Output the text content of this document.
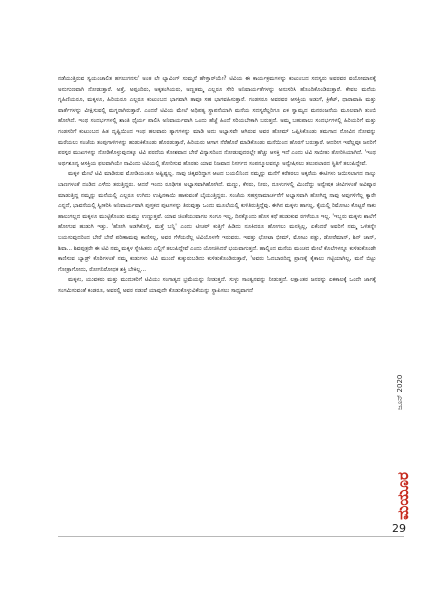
ನಡೆಯುತ್ತಿರುವ ಸ್ವಯಂಚಾಲಿತ ಹಗಲುಗನಸು' ಅಂತ ಲೇ ಲ್ಯಾವಿಂಗ್ ಸುಮ್ಮನೆ ಹೇಳ್ತಾರ್‌ಯೇ? ಟಿವಿಯ ಈ ಕಾರ್ಯಕ್ರಮಗಳನ್ನು ಕುಟುಂಬದ ಸದಸ್ಯರು ಅವರವರ ವಯೋಮಾನಕ್ಕೆ ಅನುಗುಣವಾಗಿ ನೋಡುತ್ತಾರೆ. ಅತ್ತೆ, ಅಪ್ಪಂದಿರು, ಅಕ್ಕತಂಗಿಯರು, ಅಣ್ಣತಮ್ಮ ಎಲ್ಲರೂ ಸೇರಿ ಅನಿವಾರ್ಯತೆಗಳನ್ನು ಅನುಸರಿಸಿ ಹೊಂದಿಕೊಂಡಿರುತ್ತಾರೆ. ಕೇವಲ ಮನೆಯ ಗೃಹಿಣಿಯರೂ, ಮಕ್ಕಳೂ, ಹಿರಿಯರೂ ಎಲ್ಲರೂ ಕುಟುಂಬದ ಭಾಗವಾಗಿ ತಾವೂ ಸಹ ಭಾಗವಹಿಸುತ್ತಾರೆ. ಗಂಡಸರೂ ಅವರವರ ಆಸಕ್ತಿಯ ಅಡುಗೆ, ಕ್ರಿಕೆಟ್, ಧಾರಾವಾಹಿ ಮತ್ತು ವಾರ್ತೆಗಳನ್ನು ವೀಕ್ಷಿಸುವಲ್ಲಿ ಮಗ್ನರಾಗಿರುತ್ತಾರೆ. ಎಂದರೆ ಟಿವಿಯ ಮೇಲೆ ಅಧಿಪತ್ಯ ಸ್ಥಾಪನೆಯಾಗಿ ಮನೆಯ ಸದಸ್ಯರೆಲ್ಲರಿಗೂ ಏಕ ಸ್ವಾಮ್ಯದ ಮನರಂಜನೆಯ ಮೂಲವಾಗಿ ತುಂಬಿ ಹೋಗಿದೆ. ಇಂಥ ಸಂದರ್ಭಗಳಲ್ಲಿ ಶಾಂತಿ ಧೈರ್ಯ ಪಾಲಿಸಿ ಅನಿವಾರ್ಯವಾಗಿ ಒಂದು ಹೆಜ್ಜೆ ಹಿಂದೆ ಸರಿಯಬೇಕಾಗಿ ಬರುತ್ತದೆ. ಅಮ್ಮ ಬಹುಪಾಲು ಸಂದರ್ಭಗಳಲ್ಲಿ ಹಿರಿಯರಿಗೆ ಮತ್ತು ಗಂಡಸರಿಗೆ ಕುಟುಂಬದ ಹಿತ ದೃಷ್ಟಿಯಿಂದ ಇಂಥ ಹಲವಾರು ತ್ಯಾಗಗಳನ್ನು ಮಾಡಿ ಅದು ಅಭ್ಯಾಸವೇ ಆಗಿರುವ ಅವರ ಹೋಮ್ ಒಪ್ಪಿಸಿಕೊಂಡು ತಮಗಾದ ನೋವಿನ ನೋವನ್ನು ಮರೆಯಲು ಸಂಜೆಯ ತಂಪುಗಾಳಿಗಳನ್ನು ಹುಡುಕಿಕೊಂಡು ಹೊರಡುತ್ತಾರೆ, ಹಿರಿಯರು ಆಗಾಗ ನೆರೆಹೊರೆ ಮಾಡಿಕೊಂಡು ಮನೆಯಿಂದ ಹೊರಗೆ ಬರುತ್ತಾರೆ. ಆದರೀಗ ಇವೆಲ್ಲವೂ ಜನರಿಗೆ ಪರಸ್ಪರ ಮುಖಗಳನ್ನು ನೋಡಿಕೊಳ್ಳುವುದಕ್ಕೂ ಟಿವಿ ಪರದೆಯ ಕೋಶವಾದ ಬೇರೆ ವಿನ್ಯಾಸದಿಂದ ನೋಡುವುದರಲ್ಲೇ ಹೆಚ್ಚು ಆಸಕ್ತಿ ಇದೆ ಎಂದು ಟಿವಿ ಸಾಬೀತು ತೋರಿಸಿಯಾಗಿದೆ. 'ಇಂಥ ಅರ್ಥಶೂನ್ಯ ಆಸಕ್ತಿಯ ಫಲವಾಗಿಯೇ ನಾವಿಂದು ಟಿವಿಯಲ್ಲಿ ತೋರಿಸುವ ಹೊರತು ಯಾವ ನಿಜವಾದ ನಿಸರ್ಗದ ಸಂಪನ್ಮೂಲವನ್ನೂ ಅನ್ವೇಷಿಸಲು ತಲುಪಲಾರದ ಸ್ಥಿತಿಗೆ ತಲುಪಿದ್ದೇವೆ.

ಮಕ್ಕಳ ಮೇಲೆ ಟಿವಿ ಮಾಡಿರುವ ಮೋಡಿಯಂತೂ ಅಷ್ಟಿಷ್ಟಲ್ಲ. ನಾವು ಚಿಕ್ಕವರಿದ್ದಾಗ ಆಟದ ಬಯಲಿನಿಂದ ನಮ್ಮನ್ನು ಮನೆಗೆ ಕರೆತರಲು ಅಕ್ಕರೆಯ ಈಟಿಗಳು ಜಯಿಸಲಾಗದ ನಾಲ್ಕು ಬಾಣಗಳಂತೆ ದಂಡಿದ ಎಳೆದು ತರುತ್ತಿದ್ದರು. ಆದರೆ ಇಂದು ರೂಢಿಗತ ಅಭ್ಯಾಸವಾಗಿಹೋಗಿದೆ. ಮಣ್ಣು, ಕೆಸರು, ನೀರು, ದೂಳುಗಳಲ್ಲಿ ಮಿಂದೆದ್ದು ಅನ್ವೇಷಕ ಜೀವಿಗಳಂತೆ ಅವಿಷ್ಕಾರ ಮಾಡುತ್ತಿದ್ದ ನಮ್ಮನ್ನು ಮನೆಯಲ್ಲಿ ಎಲ್ಲರೂ ಉಗಿದು ಉಪ್ಪಿನಕಾಯಿ ಹಾಕುವಂತೆ ಬೈಯುತ್ತಿದ್ದರು. ಸಂಜೆಯ ಸಹಸ್ರನಾಮಾರ್ಚನೆಗೆ ಅಭ್ಯಾಸವಾಗಿ ಹೋಗಿದ್ದ ನಾವು ಅವುಗಳಿಗೆಲ್ಲ ಕ್ಯಾರೇ ಎನ್ನದೆ, ಭಾವನೆಯಲ್ಲಿ ಸ್ವೀಕರಿಸಿ ಅನಿವಾರ್ಯವಾಗಿ ಪುಸ್ತಕದ ಪುಟಗಳನ್ನು ತಿರುವುತ್ತಾ ಒಂದು ಮೂಲೆಯಲ್ಲಿ ಕುಳಿತಿರುತ್ತಿದ್ದೆವು. ಈಗಿನ ಮಕ್ಕಳು ಹಾಗಲ್ಲ, ಕೈಯಲ್ಲಿ ರಿಮೋಟು ಕೊಟ್ಟರೆ ಸಾಕು ಹಾಲುಗಲ್ಲದ ಮಕ್ಕಳೂ ಮುಟ್ಟಿಕೊಂಡು ಮಮ್ಮು ಉಣ್ಣುತ್ತವೆ. ಯಾವ ಚಿಂತೆಯುವಾಗಲ ಸಂಗೂ ಇಲ್ಲ, ದಿನಕ್ಕೊಂದು ಹೊಸ ಕಥೆ ಹುಡುಕುವ ರಗಳೆಯೂ ಇಲ್ಲ. 'ಇಬ್ಬರು ಮಕ್ಕಳು ಶಾಲೆಗೆ ಹೋಗುವ ಹುಡುಗಿ ಇತ್ತು. 'ಹೋಗಿ ಅಡಗಿಕೊಳ್ಳಿ, ಮತ್ತೆ ಬನ್ನಿ' ಎಂದು ಟೀಚರ್ ಕುತ್ತಿಗೆ ಹಿಡಿದು ನೂಕಿದರೂ ಹೋಗಲು ಮನಸ್ಸಿಲ್ಲ, ಏಕೆಂದರೆ ಅವರಿಗೆ ನಮ್ಮ ಒಳಿತನ್ನೇ ಬಯಸುವುದರಿಂದ ಬೇರೆ ಬೇರೆ ಪರಿಣಾಮವು ಕಾಣಿಸಲ್ಲ, ಅವರ ಗೆಳೆಯರೆಲ್ಲ ಟಿವಿಯೊಳಗೇ ಇರುವರು. ಇವತ್ತು ಛೋಟಾ ಭೀಮ್, ಮೋಟು ಪತ್ಲು, ಡೋರೆಮಾನ್, ಶಿನ್ ಚಾನ್, ಶಿವಾ... ಶಿವಪುತ್ರರೇ ಈ ಟಿವಿ ನಮ್ಮ ಮಕ್ಕಳ ಸ್ನೇಹಿತರು ಎಲ್ಲಿಗೆ ತಲುಪಿದ್ದೇವೆ ಎಂದು ಯೋಚಿಸಿದರೆ ಭಯವಾಗುತ್ತದೆ. ಹಾಲ್ನಿಂದ ಮನೆಯ ಮಂಚದ ಮೇಲೆ ಕೊಲೆಗಳನ್ನೂ ಕುಳಿತುಕೊಂಡೇ ಕಾಣಿಸುವ ಬ್ಯಾಡ್ರ್ ಕೊಠಿಗಳಂತೆ ನಮ್ಮ ಕುಡುಗಳು ಟಿವಿ ಮುಂದೆ ಕುಕ್ಕುರುಬಡಿದು ಕುಳಿತುಕೊಂಡಿರುತ್ತಾರೆ, 'ಅವರು ಓದಬಾರದಿದ್ದ ಪ್ರಾಣಕ್ಕೆ ಕೈಕಾಲು ಗಟ್ಟಿಯಾಗಿಲ್ಲ, ಮನೆ ಬಿಟ್ಟು ಗೋತ್ರಾಗೋದು, ರೋಗನಿರೋಧಕ ಶಕ್ತಿ ಬೇಕಿಲ್ಲ...

ಮಕ್ಕಳು, ಯುವಕರು ಮತ್ತು ಮುದುಕರಿಗೆ ಟಿವಿಯು ಸಂಗಾತ್ಯದ ಭ್ರಮೆಯನ್ನು ನೀಡುತ್ತದೆ. ಸುಳ್ಳು ಸಾಂತ್ವನವನ್ನು ನೀಡುತ್ತದೆ. ಲಕ್ಷಾಂತರ ಜನರನ್ನು ಏಕಕಾಲಕ್ಕೆ ಒಂದೇ ಜಾಗಕ್ಕೆ ಸಂಗಮಿಸುವಂತೆ ಕಂಡರೂ, ಅವರಲ್ಲಿ ಅವರ ನಡುವೆ ಯಾವುದೇ ಕೊಡುಕೊಳ್ಳುವಿಕೆಯನ್ನು ಸ್ಥಾಪಿಸಲು ಸಾಧ್ಯವಾಗದೆ

ಜೂನ್ 2020
ಮಯೂರ
29
